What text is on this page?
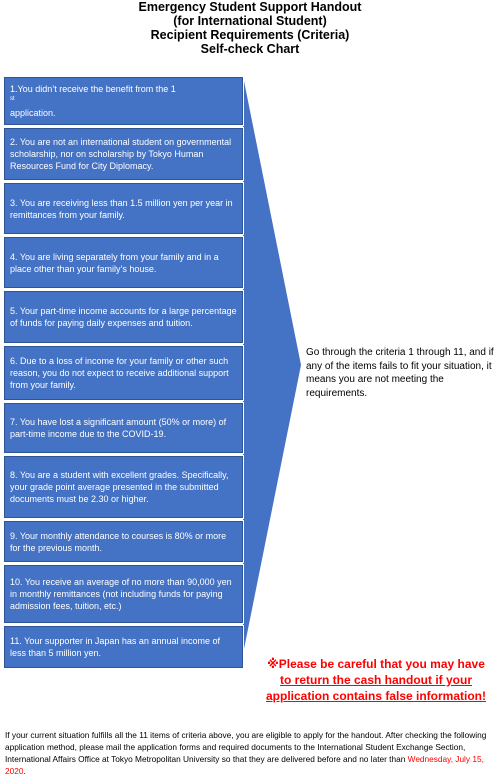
Emergency Student Support Handout
(for International Student)
Recipient Requirements (Criteria)
Self-check Chart
1.You didn’t receive the benefit from the 1
$^{st}$
application.
2. You are not an international student on governmental scholarship, nor on scholarship by Tokyo Human Resources Fund for City Diplomacy.
3. You are receiving less than 1.5 million yen per year in remittances from your family.
4. You are living separately from your family and in a place other than your family’s house.
5. Your part-time income accounts for a large percentage of funds for paying daily expenses and tuition.
6. Due to a loss of income for your family or other such reason, you do not expect to receive additional support from your family.
7. You have lost a significant amount (50% or more) of part-time income due to the COVID-19.
8. You are a student with excellent grades. Specifically, your grade point average presented in the submitted documents must be 2.30 or higher.
9. Your monthly attendance to courses is 80% or more for the previous month.
10. You receive an average of no more than 90,000 yen in monthly remittances (not including funds for paying admission fees, tuition, etc.)
11. Your supporter in Japan has an annual income of less than 5 million yen.
Go through the criteria 1 through 11, and if any of the items fails to fit your situation, it means you are not meeting the requirements.
※Please be careful that you may have
to return the cash handout if your
application contains false information!
If your current situation fulfills all the 11 items of criteria above, you are eligible to apply for the handout. After checking the following application method, please mail the application forms and required documents to the International Student Exchange Section, International Affairs Office at Tokyo Metropolitan University so that they are delivered before and no later than Wednesday, July 15, 2020.
